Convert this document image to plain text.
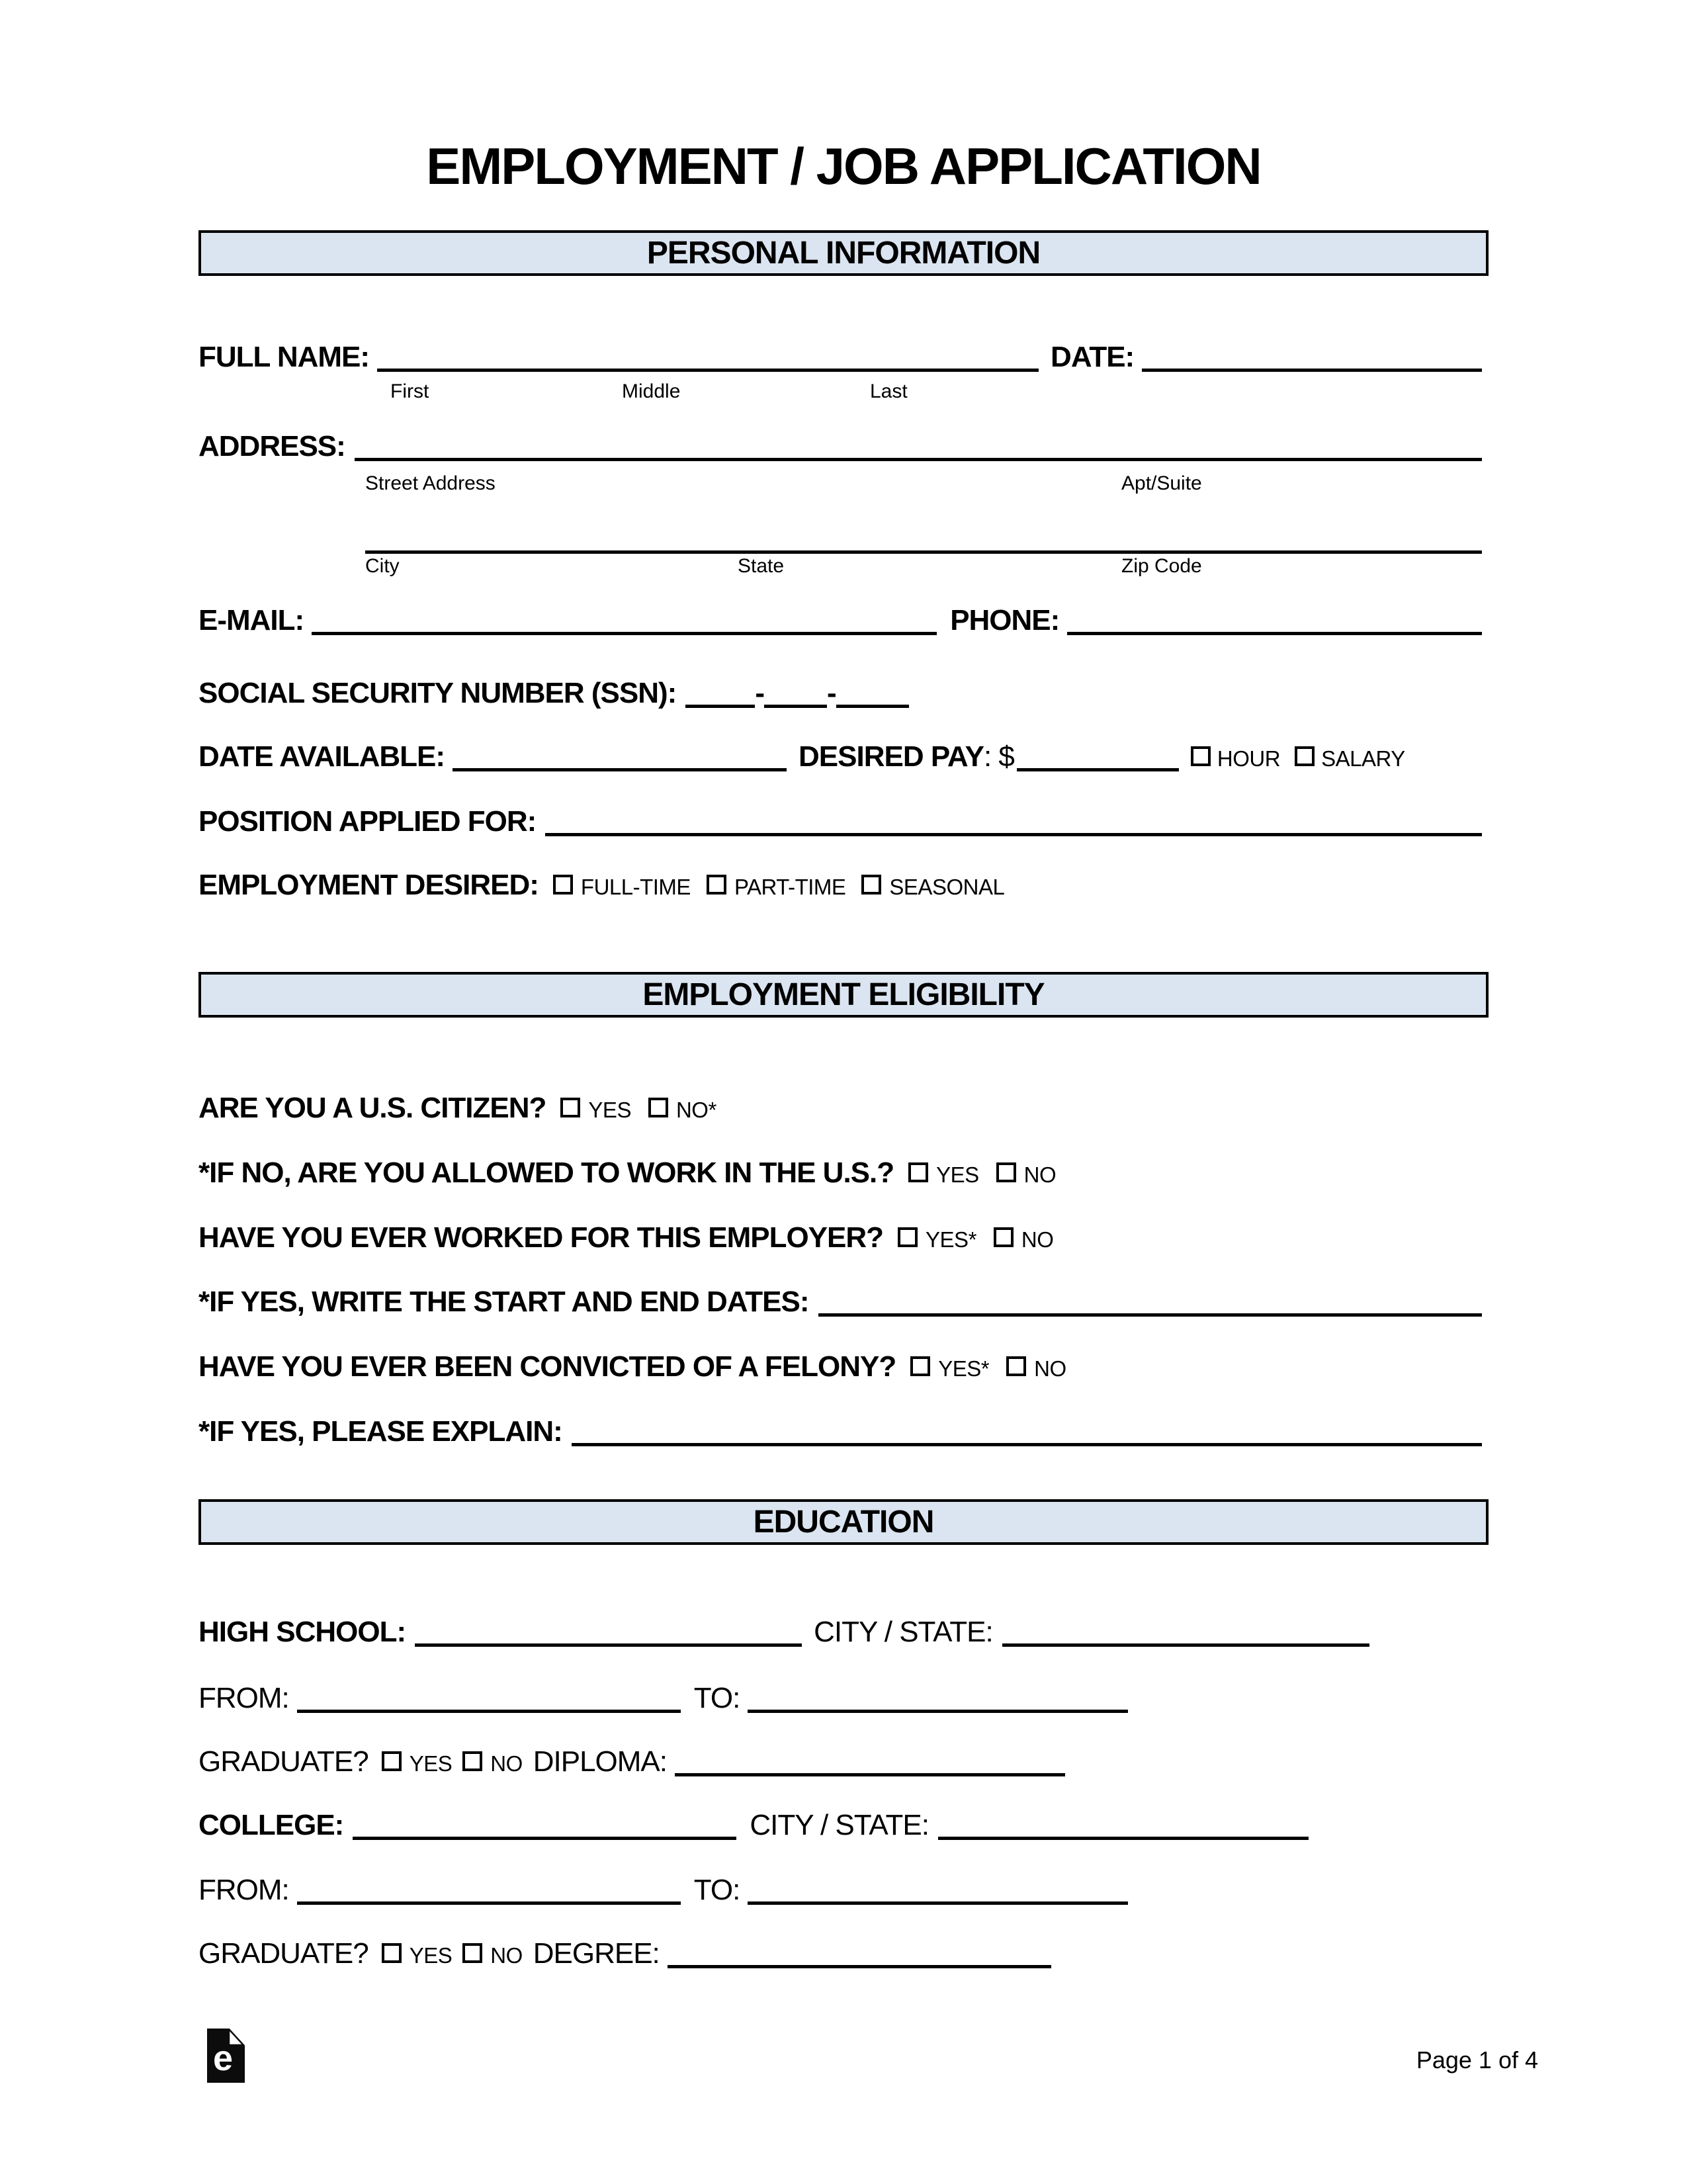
EMPLOYMENT / JOB APPLICATION
PERSONAL INFORMATION
FULL NAME:	DATE:
First	Middle	Last
ADDRESS:
Street Address	Apt/Suite
City	State	Zip Code
E-MAIL:	PHONE:
SOCIAL SECURITY NUMBER (SSN):	- -
DATE AVAILABLE:	DESIRED PAY : $	HOUR SALARY
POSITION APPLIED FOR:
EMPLOYMENT DESIRED: FULL-TIME PART-TIME SEASONAL
EMPLOYMENT ELIGIBILITY
ARE YOU A U.S. CITIZEN? YES NO*
*IF NO, ARE YOU ALLOWED TO WORK IN THE U.S.? YES NO
HAVE YOU EVER WORKED FOR THIS EMPLOYER? YES* NO
*IF YES, WRITE THE START AND END DATES:
HAVE YOU EVER BEEN CONVICTED OF A FELONY? YES* NO
*IF YES, PLEASE EXPLAIN:
EDUCATION
HIGH SCHOOL:	CITY / STATE:
FROM:	TO:
GRADUATE? YES NO DIPLOMA:
COLLEGE:	CITY / STATE:
FROM:	TO:
GRADUATE? YES NO DEGREE:
e	Page 1 of 4
